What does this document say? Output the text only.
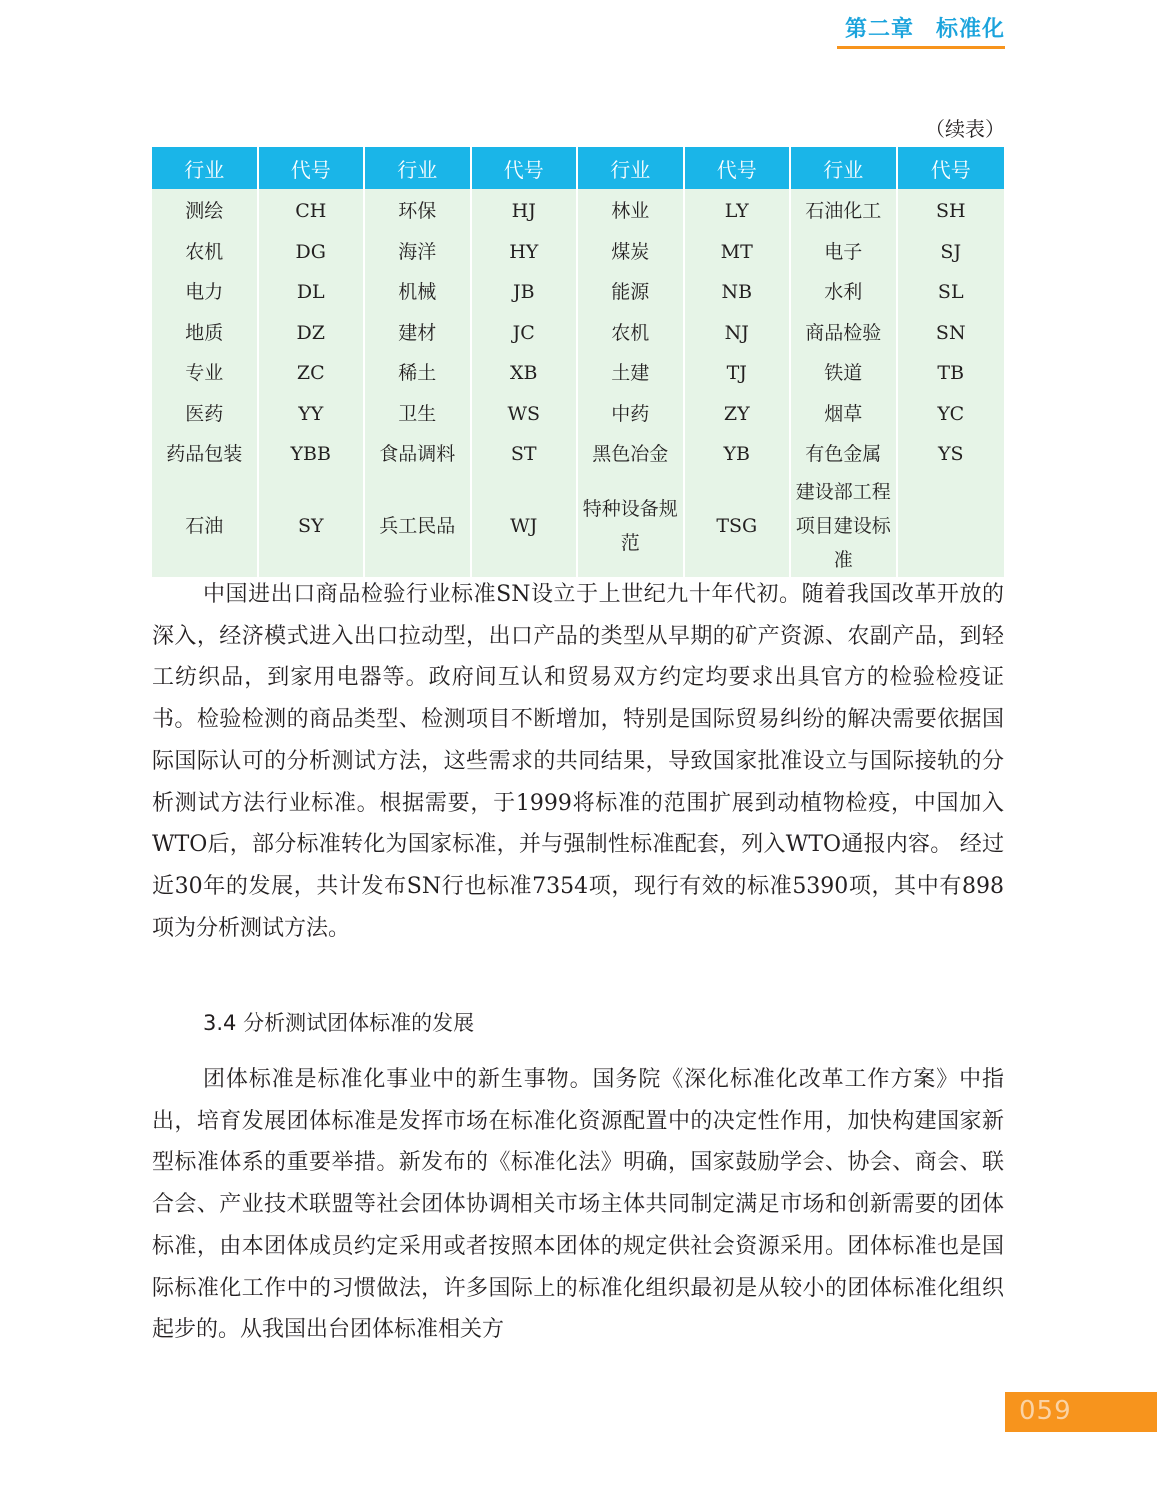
第二章 标准化
（续表）
行业	代号	行业	代号	行业	代号	行业	代号
测绘	CH	环保	HJ	林业	LY	石油化工	SH
农机	DG	海洋	HY	煤炭	MT	电子	SJ
电力	DL	机械	JB	能源	NB	水利	SL
地质	DZ	建材	JC	农机	NJ	商品检验	SN
专业	ZC	稀土	XB	土建	TJ	铁道	TB
医药	YY	卫生	WS	中药	ZY	烟草	YC
药品包装	YBB	食品调料	ST	黑色冶金	YB	有色金属	YS
石油	SY	兵工民品	WJ	特种设备规范	TSG	建设部工程项目建设标准	

中国进出口商品检验行业标准SN设立于上世纪九十年代初。随着我国改革开放的深入，经济模式进入出口拉动型，出口产品的类型从早期的矿产资源、农副产品，到轻工纺织品，到家用电器等。政府间互认和贸易双方约定均要求出具官方的检验检疫证书。检验检测的商品类型、检测项目不断增加，特别是国际贸易纠纷的解决需要依据国际国际认可的分析测试方法，这些需求的共同结果，导致国家批准设立与国际接轨的分析测试方法行业标准。根据需要，于1999将标准的范围扩展到动植物检疫，中国加入WTO后，部分标准转化为国家标准，并与强制性标准配套，列入WTO通报内容。 经过近30年的发展，共计发布SN行也标准7354项，现行有效的标准5390项，其中有898项为分析测试方法。

3.4 分析测试团体标准的发展

团体标准是标准化事业中的新生事物。国务院《深化标准化改革工作方案》中指出，培育发展团体标准是发挥市场在标准化资源配置中的决定性作用，加快构建国家新型标准体系的重要举措。新发布的《标准化法》明确，国家鼓励学会、协会、商会、联合会、产业技术联盟等社会团体协调相关市场主体共同制定满足市场和创新需要的团体标准，由本团体成员约定采用或者按照本团体的规定供社会资源采用。团体标准也是国际标准化工作中的习惯做法，许多国际上的标准化组织最初是从较小的团体标准化组织起步的。从我国出台团体标准相关方

059
